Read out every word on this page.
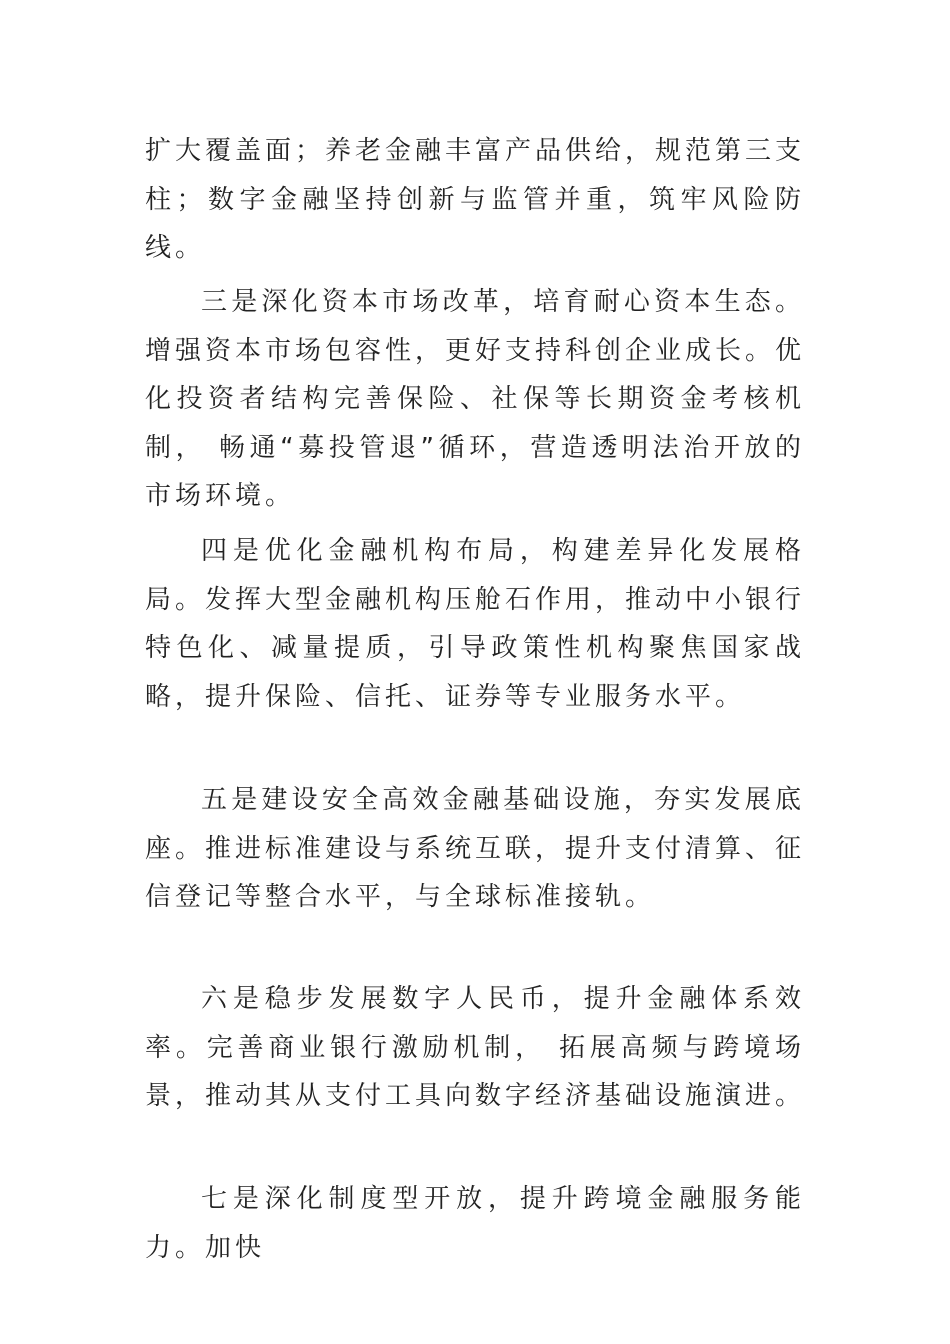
扩大覆盖面；养老金融丰富产品供给，规范第三支柱；数字金融坚持创新与监管并重，筑牢风险防线。

三是深化资本市场改革，培育耐心资本生态。增强资本市场包容性，更好支持科创企业成长。优化投资者结构完善保险、社保等长期资金考核机制， 畅通“募投管退”循环，营造透明法治开放的市场环境。

四是优化金融机构布局，构建差异化发展格局。发挥大型金融机构压舱石作用，推动中小银行特色化、减量提质，引导政策性机构聚焦国家战略，提升保险、信托、证券等专业服务水平。

五是建设安全高效金融基础设施，夯实发展底座。推进标准建设与系统互联，提升支付清算、征信登记等整合水平，与全球标准接轨。

六是稳步发展数字人民币，提升金融体系效率。完善商业银行激励机制， 拓展高频与跨境场景，推动其从支付工具向数字经济基础设施演进。

七是深化制度型开放，提升跨境金融服务能力。加快
